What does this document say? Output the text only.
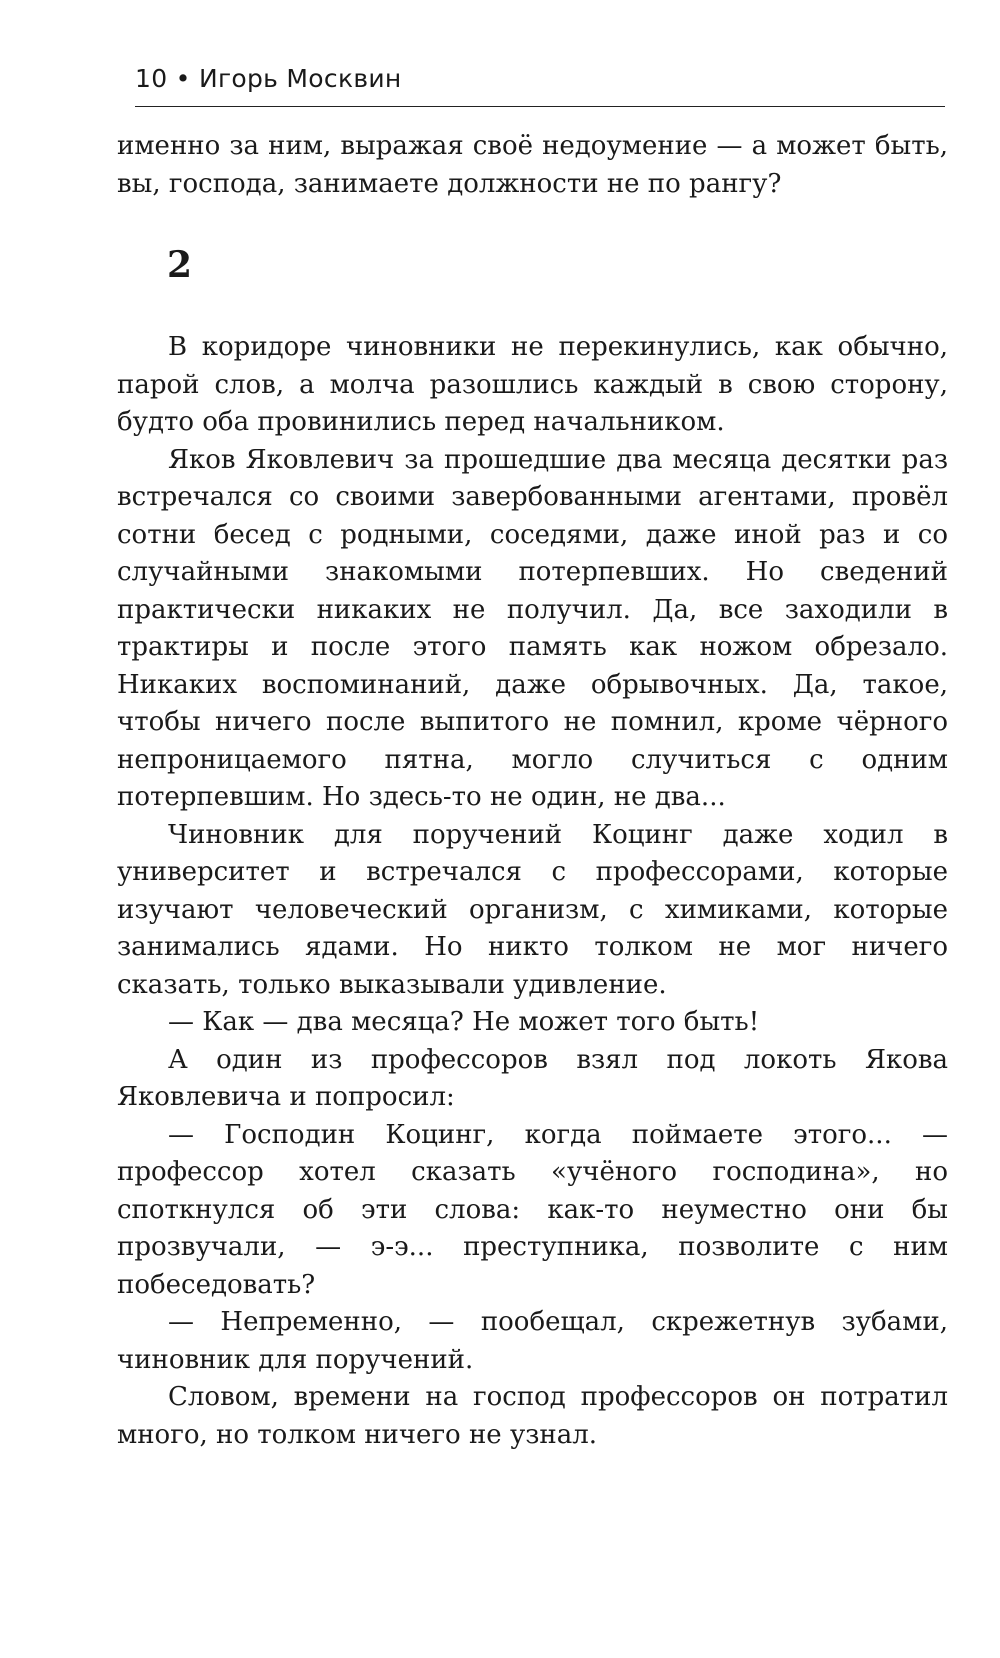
10 • Игорь Москвин

именно за ним, выражая своё недоумение — а может быть, вы, господа, занимаете должности не по рангу?

2

В коридоре чиновники не перекинулись, как обычно, парой слов, а молча разошлись каждый в свою сторону, будто оба провинились перед начальником.

Яков Яковлевич за прошедшие два месяца десятки раз встречался со своими завербованными агентами, провёл сотни бесед с родными, соседями, даже иной раз и со случайными знакомыми потерпевших. Но сведений практически никаких не получил. Да, все заходили в трактиры и после этого память как ножом обрезало. Никаких воспоминаний, даже обрывочных. Да, такое, чтобы ничего после выпитого не помнил, кроме чёрного непроницаемого пятна, могло случиться с одним потерпевшим. Но здесь-то не один, не два...

Чиновник для поручений Коцинг даже ходил в университет и встречался с профессорами, которые изучают человеческий организм, с химиками, которые занимались ядами. Но никто толком не мог ничего сказать, только выказывали удивление.

— Как — два месяца? Не может того быть!

А один из профессоров взял под локоть Якова Яковлевича и попросил:

— Господин Коцинг, когда поймаете этого... — профессор хотел сказать «учёного господина», но споткнулся об эти слова: как-то неуместно они бы прозвучали, — э-э... преступника, позволите с ним побеседовать?

— Непременно, — пообещал, скрежетнув зубами, чиновник для поручений.

Словом, времени на господ профессоров он потратил много, но толком ничего не узнал.
